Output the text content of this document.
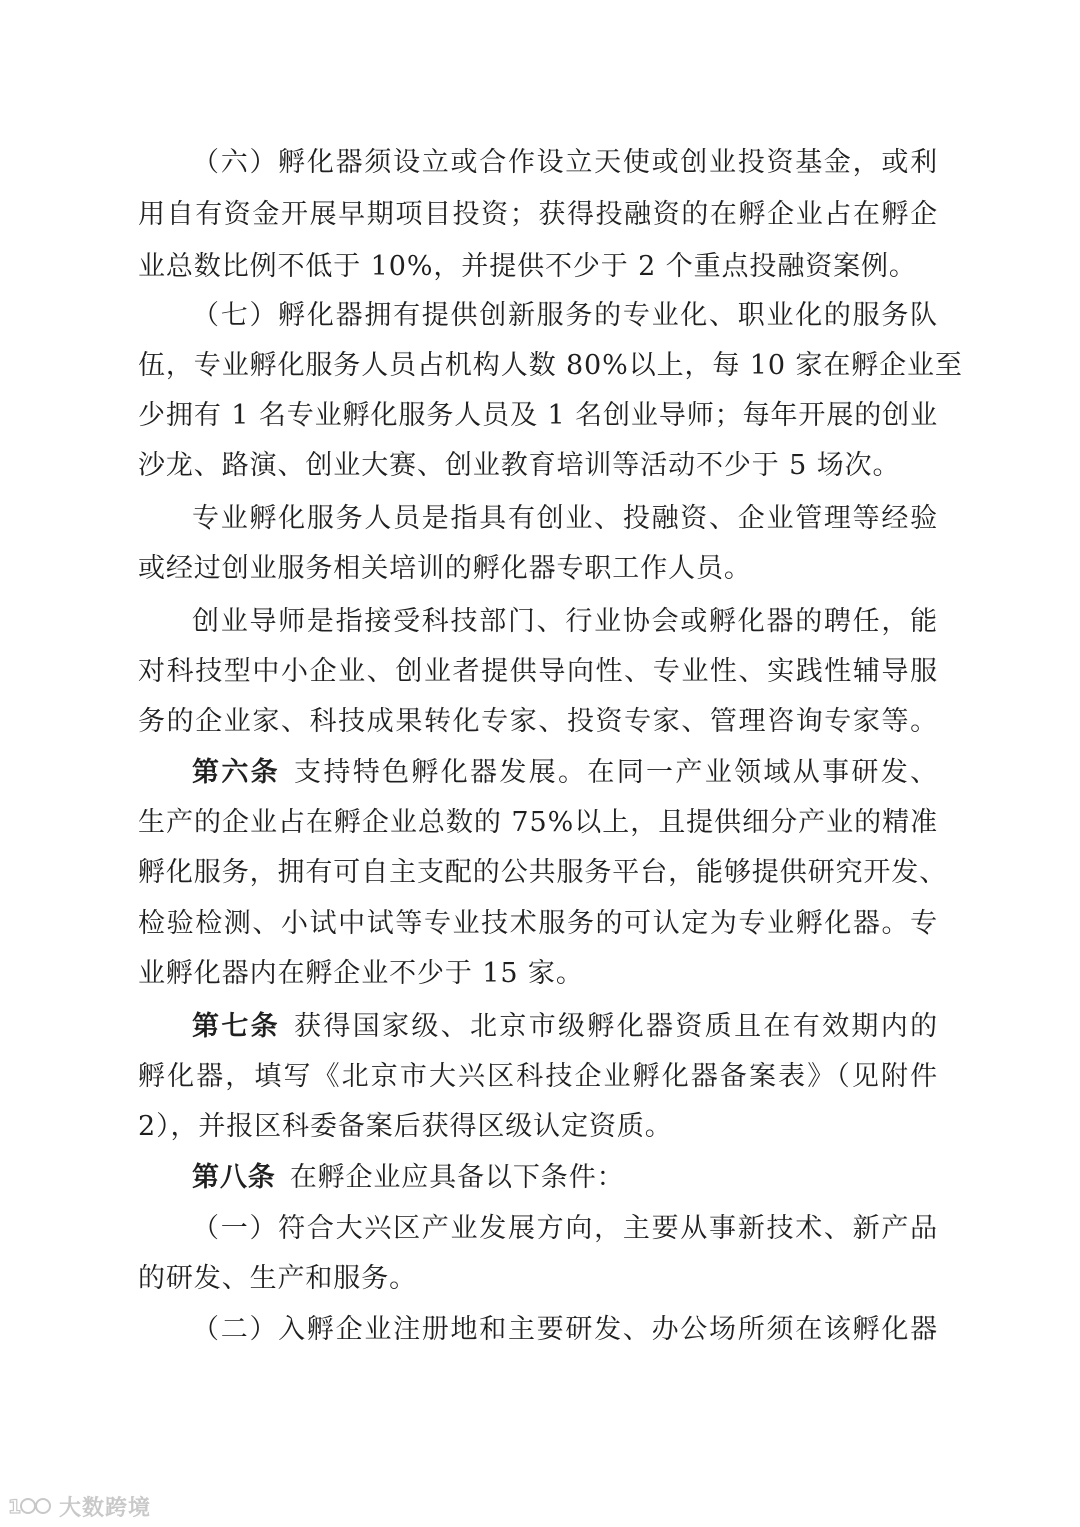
（六）孵化器须设立或合作设立天使或创业投资基金，或利
用自有资金开展早期项目投资；获得投融资的在孵企业占在孵企
业总数比例不低于 10%，并提供不少于 2 个重点投融资案例。
（七）孵化器拥有提供创新服务的专业化、职业化的服务队
伍，专业孵化服务人员占机构人数 80%以上，每 10 家在孵企业至
少拥有 1 名专业孵化服务人员及 1 名创业导师；每年开展的创业
沙龙、路演、创业大赛、创业教育培训等活动不少于 5 场次。
专业孵化服务人员是指具有创业、投融资、企业管理等经验
或经过创业服务相关培训的孵化器专职工作人员。
创业导师是指接受科技部门、行业协会或孵化器的聘任，能
对科技型中小企业、创业者提供导向性、专业性、实践性辅导服
务的企业家、科技成果转化专家、投资专家、管理咨询专家等。
第六条 支持特色孵化器发展。在同一产业领域从事研发、
生产的企业占在孵企业总数的 75%以上，且提供细分产业的精准
孵化服务，拥有可自主支配的公共服务平台，能够提供研究开发、
检验检测、小试中试等专业技术服务的可认定为专业孵化器。专
业孵化器内在孵企业不少于 15 家。
第七条 获得国家级、北京市级孵化器资质且在有效期内的
孵化器，填写《北京市大兴区科技企业孵化器备案表》（见附件
2），并报区科委备案后获得区级认定资质。
第八条 在孵企业应具备以下条件：
（一）符合大兴区产业发展方向，主要从事新技术、新产品
的研发、生产和服务。
（二）入孵企业注册地和主要研发、办公场所须在该孵化器
1 大数跨境
